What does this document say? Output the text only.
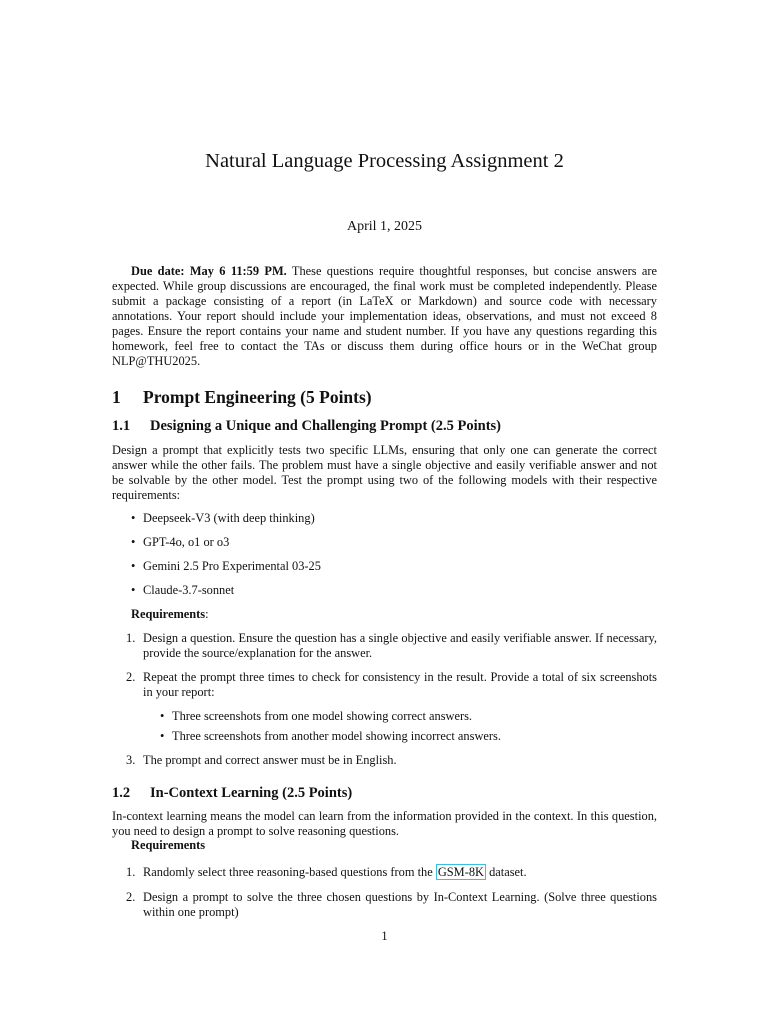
Natural Language Processing Assignment 2
April 1, 2025
Due date: May 6 11:59 PM. These questions require thoughtful responses, but concise answers are expected. While group discussions are encouraged, the final work must be completed independently. Please submit a package consisting of a report (in LaTeX or Markdown) and source code with necessary annotations. Your report should include your implementation ideas, observations, and must not exceed 8 pages. Ensure the report contains your name and student number. If you have any questions regarding this homework, feel free to contact the TAs or discuss them during office hours or in the WeChat group NLP@THU2025.
1 Prompt Engineering (5 Points)
1.1 Designing a Unique and Challenging Prompt (2.5 Points)
Design a prompt that explicitly tests two specific LLMs, ensuring that only one can generate the correct answer while the other fails. The problem must have a single objective and easily verifiable answer and not be solvable by the other model. Test the prompt using two of the following models with their respective requirements:
• Deepseek-V3 (with deep thinking)
• GPT-4o, o1 or o3
• Gemini 2.5 Pro Experimental 03-25
• Claude-3.7-sonnet
Requirements:
1. Design a question. Ensure the question has a single objective and easily verifiable answer. If necessary, provide the source/explanation for the answer.
2. Repeat the prompt three times to check for consistency in the result. Provide a total of six screenshots in your report:
• Three screenshots from one model showing correct answers.
• Three screenshots from another model showing incorrect answers.
3. The prompt and correct answer must be in English.
1.2 In-Context Learning (2.5 Points)
In-context learning means the model can learn from the information provided in the context. In this question, you need to design a prompt to solve reasoning questions.
Requirements
1. Randomly select three reasoning-based questions from the GSM-8K dataset.
2. Design a prompt to solve the three chosen questions by In-Context Learning. (Solve three questions within one prompt)
1
